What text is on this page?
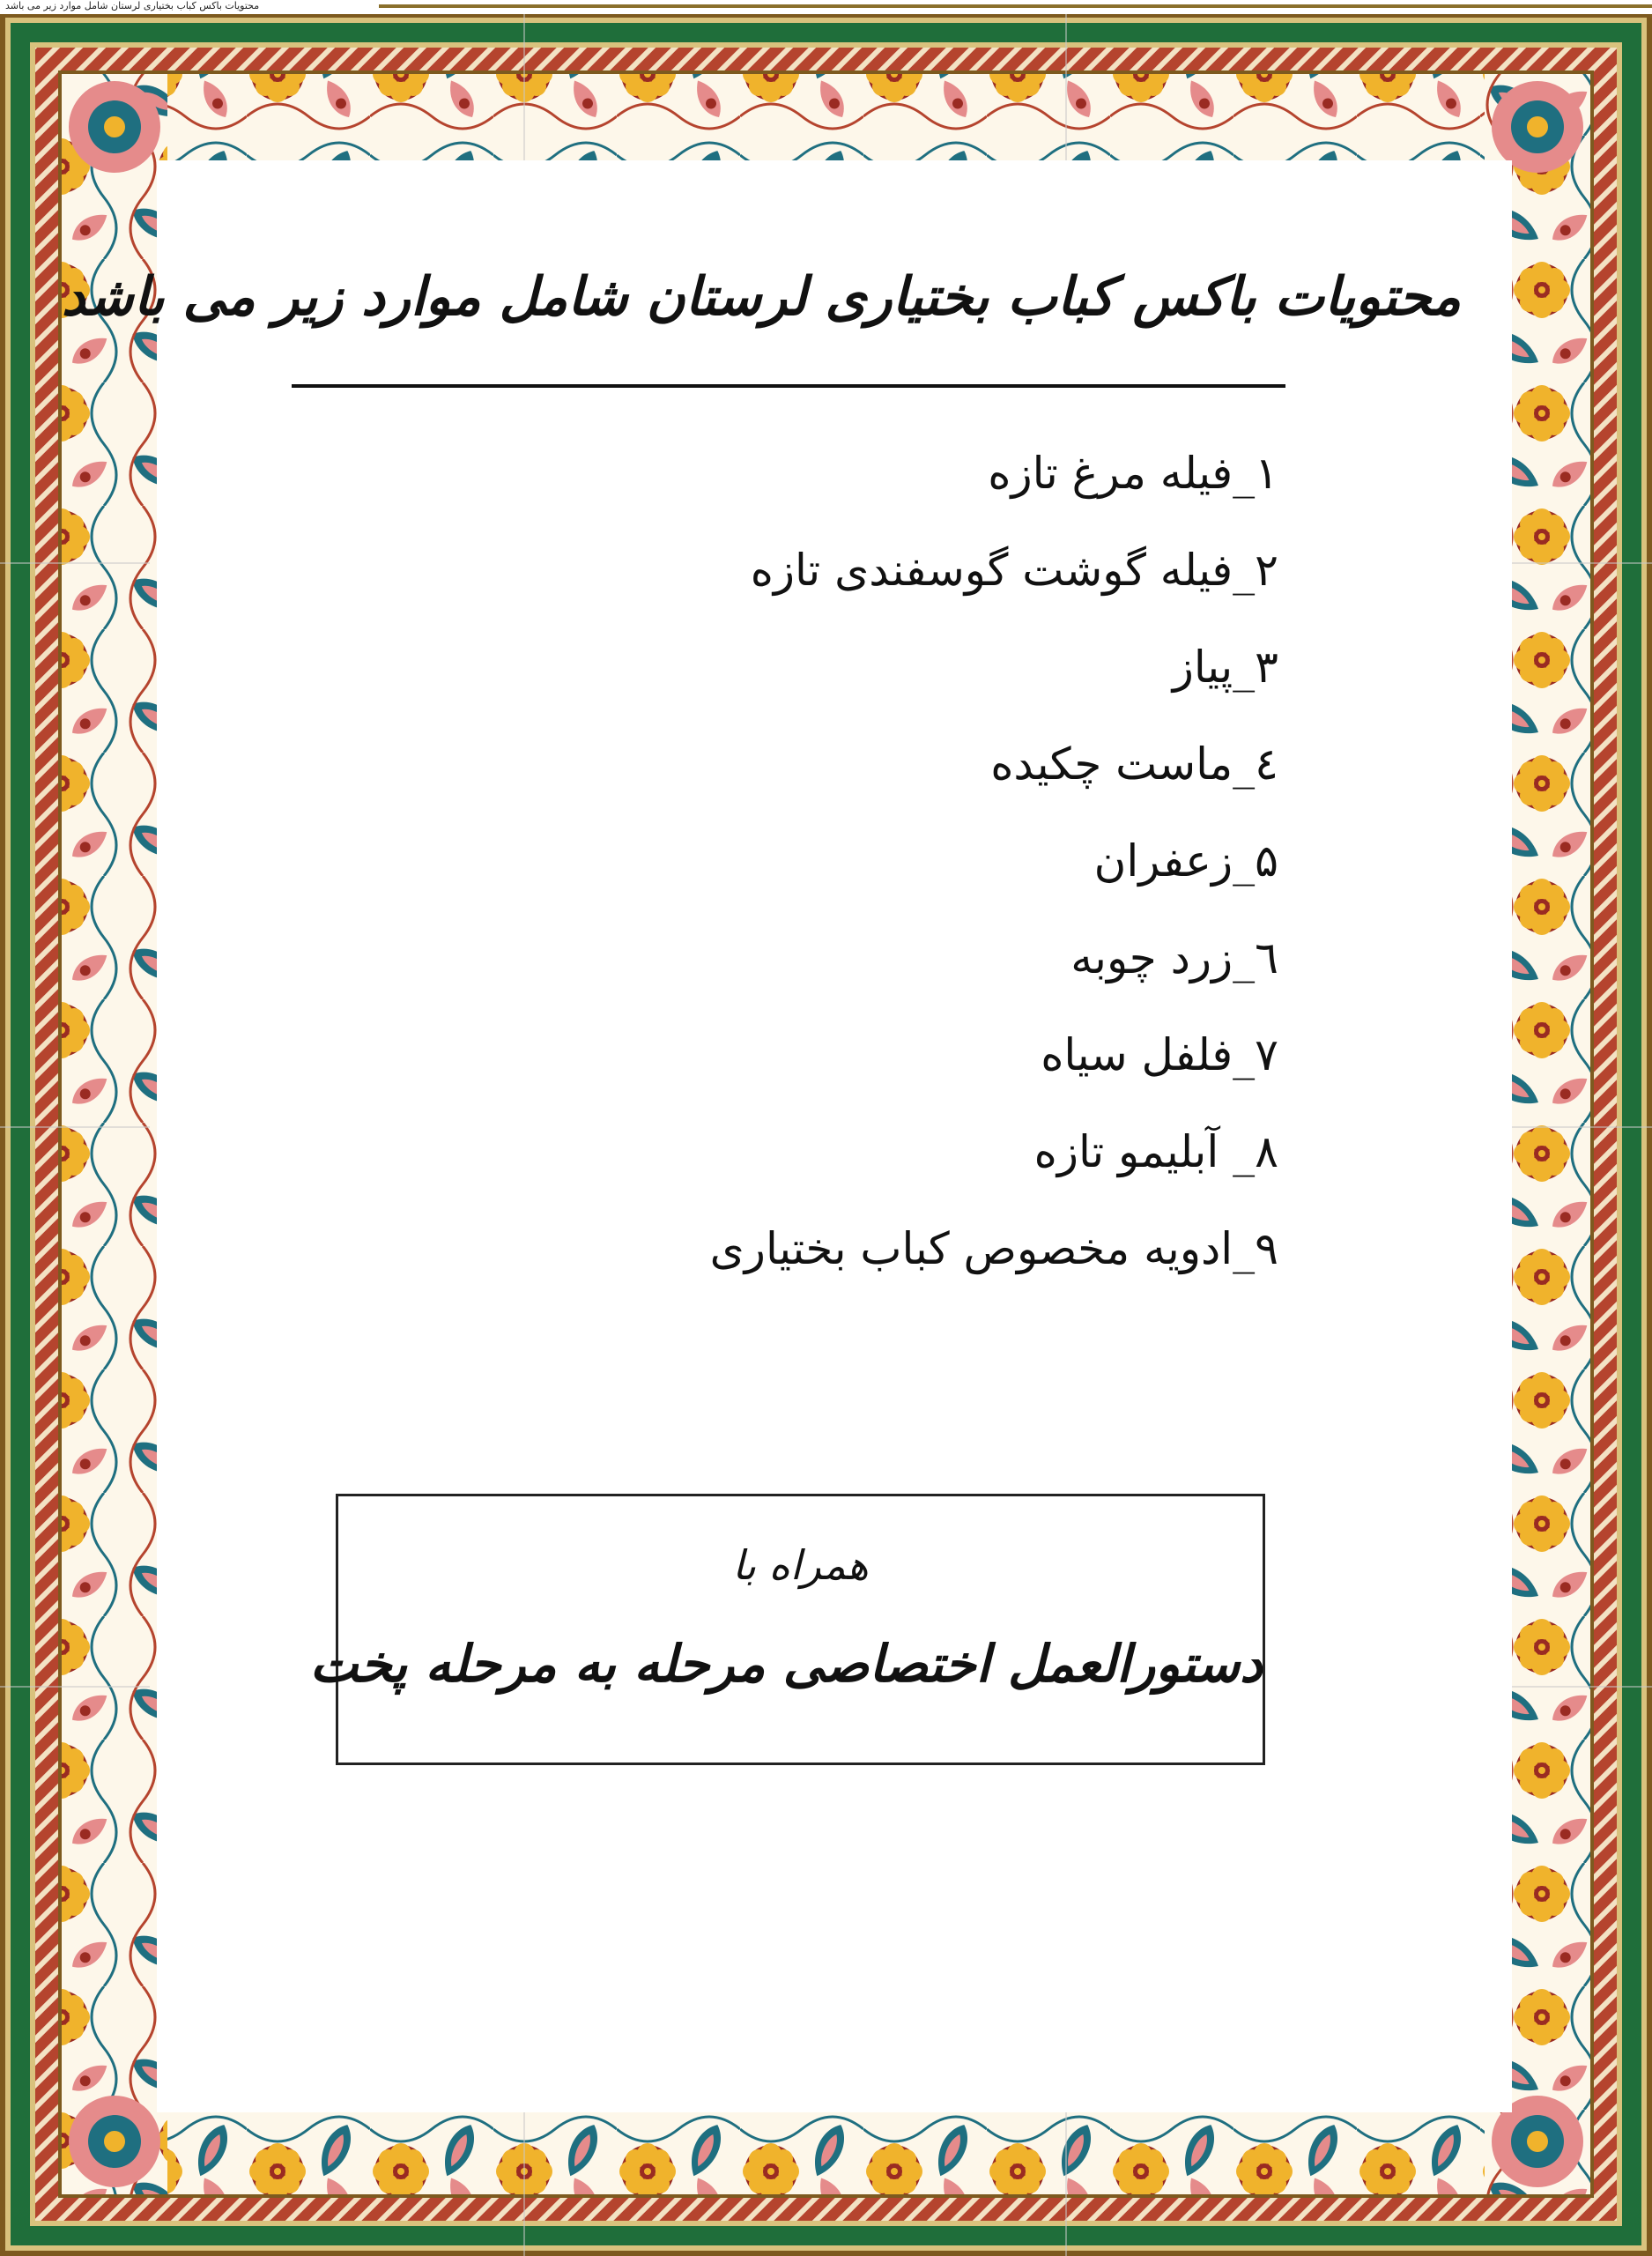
محتویات باکس کباب بختیاری لرستان شامل موارد زیر می باشد
محتویات باکس کباب بختیاری لرستان شامل موارد زیر می باشد
۱_فیله مرغ تازه
۲_فیله گوشت گوسفندی تازه
۳_پیاز
٤_ماست چکیده
۵_زعفران
٦_زرد چوبه
۷_فلفل سیاه
۸_ آبلیمو تازه
۹_ادویه مخصوص کباب بختیاری
همراه با
دستورالعمل اختصاصی مرحله به مرحله پخت
